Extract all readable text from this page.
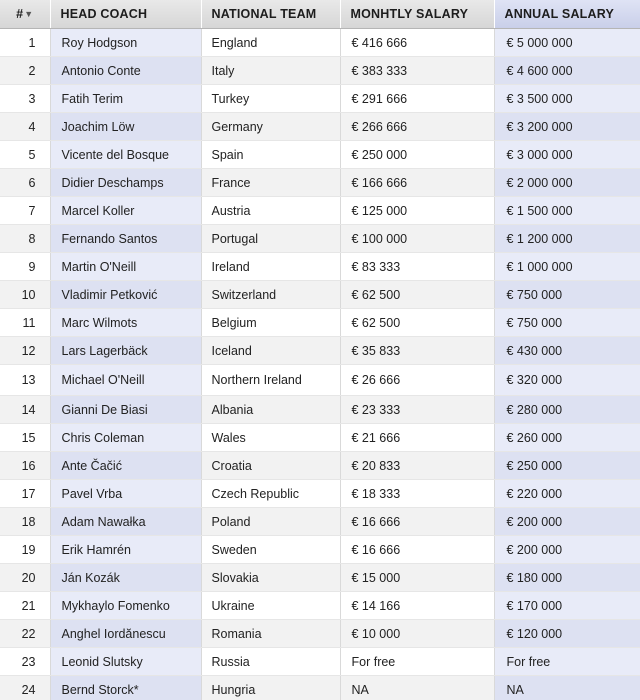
#▼	HEAD COACH	NATIONAL TEAM	MONHTLY SALARY	ANNUAL SALARY
1	Roy Hodgson	England	€ 416 666	€ 5 000 000
2	Antonio Conte	Italy	€ 383 333	€ 4 600 000
3	Fatih Terim	Turkey	€ 291 666	€ 3 500 000
4	Joachim Löw	Germany	€ 266 666	€ 3 200 000
5	Vicente del Bosque	Spain	€ 250 000	€ 3 000 000
6	Didier Deschamps	France	€ 166 666	€ 2 000 000
7	Marcel Koller	Austria	€ 125 000	€ 1 500 000
8	Fernando Santos	Portugal	€ 100 000	€ 1 200 000
9	Martin O'Neill	Ireland	€ 83 333	€ 1 000 000
10	Vladimir Petković	Switzerland	€ 62 500	€ 750 000
11	Marc Wilmots	Belgium	€ 62 500	€ 750 000
12	Lars Lagerbäck	Iceland	€ 35 833	€ 430 000
13	Michael O'Neill	Northern Ireland	€ 26 666	€ 320 000
14	Gianni De Biasi	Albania	€ 23 333	€ 280 000
15	Chris Coleman	Wales	€ 21 666	€ 260 000
16	Ante Čačić	Croatia	€ 20 833	€ 250 000
17	Pavel Vrba	Czech Republic	€ 18 333	€ 220 000
18	Adam Nawałka	Poland	€ 16 666	€ 200 000
19	Erik Hamrén	Sweden	€ 16 666	€ 200 000
20	Ján Kozák	Slovakia	€ 15 000	€ 180 000
21	Mykhaylo Fomenko	Ukraine	€ 14 166	€ 170 000
22	Anghel Iordănescu	Romania	€ 10 000	€ 120 000
23	Leonid Slutsky	Russia	For free	For free
24	Bernd Storck*	Hungria	NA	NA
